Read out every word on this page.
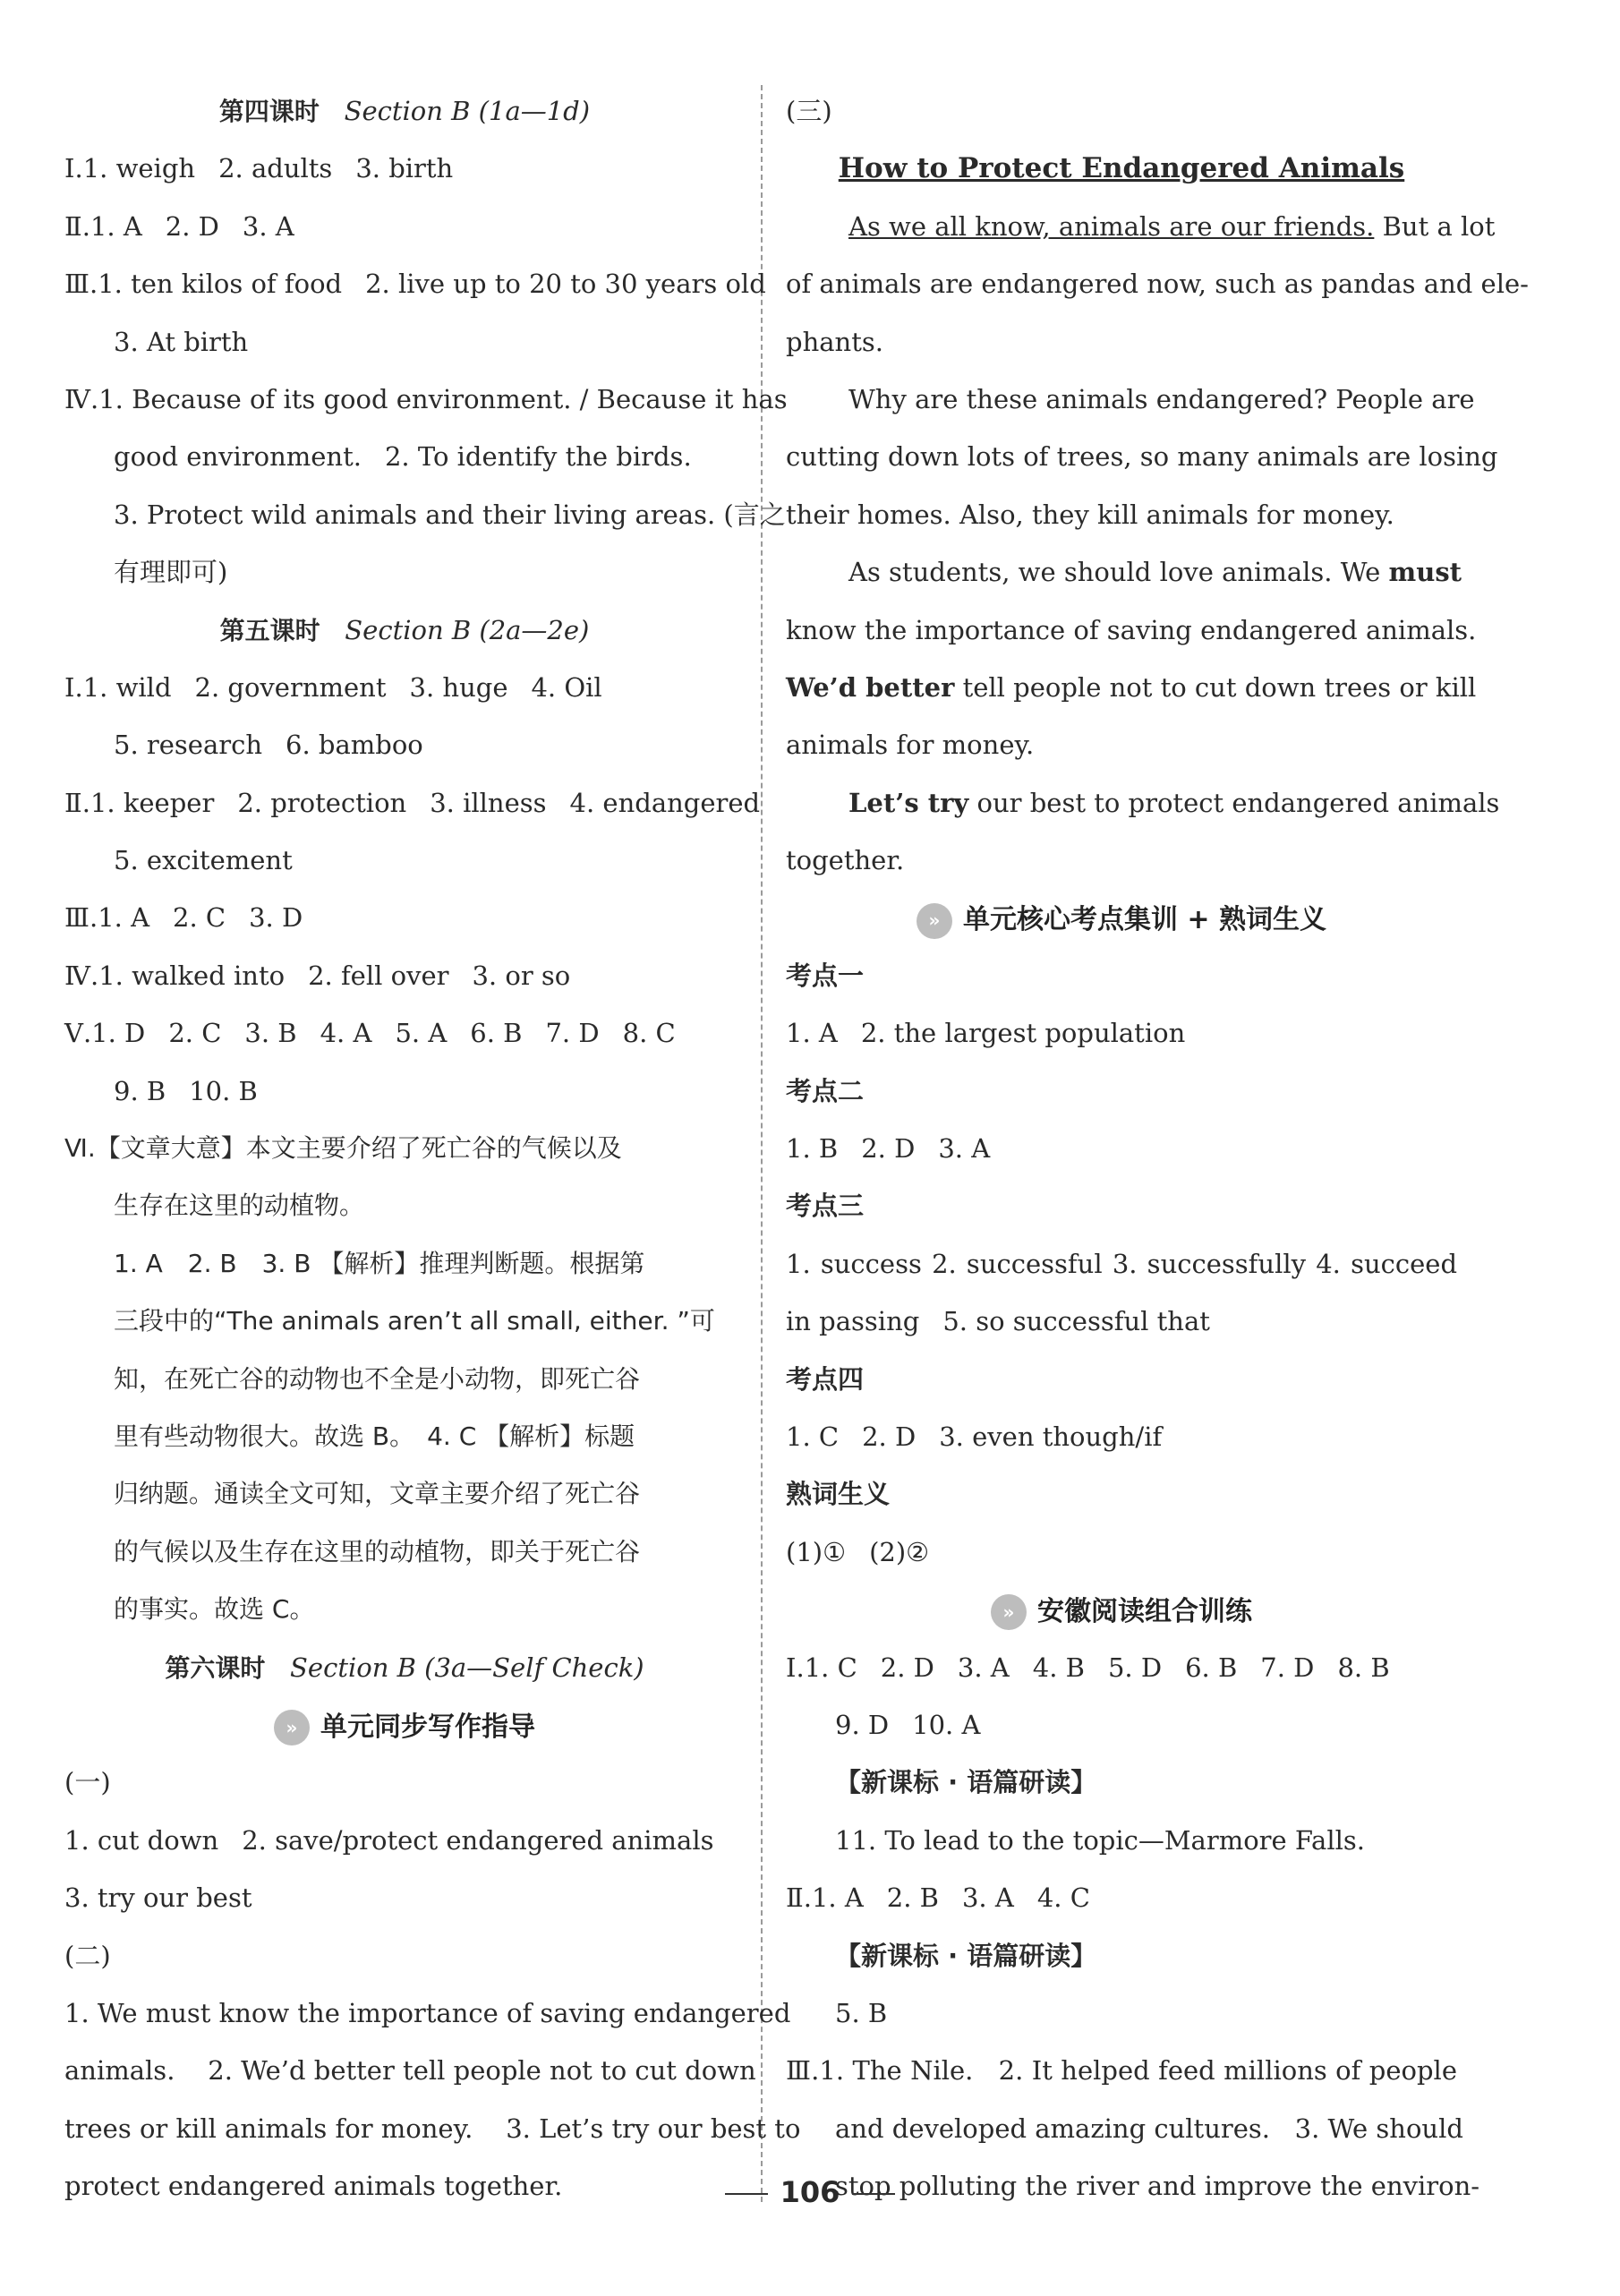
第四课时 Section B (1a—1d)
Ⅰ.1. weigh 2. adults 3. birth
Ⅱ.1. A 2. D 3. A
Ⅲ.1. ten kilos of food 2. live up to 20 to 30 years old
3. At birth
Ⅳ.1. Because of its good environment. / Because it has
good environment. 2. To identify the birds.
3. Protect wild animals and their living areas. (言之
有理即可)
第五课时 Section B (2a—2e)
Ⅰ.1. wild 2. government 3. huge 4. Oil
5. research 6. bamboo
Ⅱ.1. keeper 2. protection 3. illness 4. endangered
5. excitement
Ⅲ.1. A 2. C 3. D
Ⅳ.1. walked into 2. fell over 3. or so
Ⅴ.1. D 2. C 3. B 4. A 5. A 6. B 7. D 8. C
9. B 10. B
Ⅵ.【文章大意】本文主要介绍了死亡谷的气候以及
生存在这里的动植物。
1. A　2. B　3. B 【解析】推理判断题。根据第
三段中的“The animals aren’t all small, either. ”可
知，在死亡谷的动物也不全是小动物，即死亡谷
里有些动物很大。故选 B。　4. C 【解析】标题
归纳题。通读全文可知，文章主要介绍了死亡谷
的气候以及生存在这里的动植物，即关于死亡谷
的事实。故选 C。
第六课时 Section B (3a—Self Check)
» 单元同步写作指导
(一)
1. cut down 2. save/protect endangered animals
3. try our best
(二)
1. We must know the importance of saving endangered
animals. 2. We’d better tell people not to cut down
trees or kill animals for money. 3. Let’s try our best to
protect endangered animals together.
(三)
How to Protect Endangered Animals
As we all know, animals are our friends. But a lot
of animals are endangered now, such as pandas and ele-
phants.
Why are these animals endangered? People are
cutting down lots of trees, so many animals are losing
their homes. Also, they kill animals for money.
As students, we should love animals. We must
know the importance of saving endangered animals.
We’d better tell people not to cut down trees or kill
animals for money.
Let’s try our best to protect endangered animals
together.
» 单元核心考点集训 + 熟词生义
考点一
1. A 2. the largest population
考点二
1. B 2. D 3. A
考点三
1. success 2. successful 3. successfully 4. succeed
in passing 5. so successful that
考点四
1. C 2. D 3. even though/if
熟词生义
(1)① (2)②
» 安徽阅读组合训练
Ⅰ.1. C 2. D 3. A 4. B 5. D 6. B 7. D 8. B
9. D 10. A
【新课标 · 语篇研读】
11. To lead to the topic—Marmore Falls.
Ⅱ.1. A 2. B 3. A 4. C
【新课标 · 语篇研读】
5. B
Ⅲ.1. The Nile. 2. It helped feed millions of people
and developed amazing cultures. 3. We should
stop polluting the river and improve the environ-
106
